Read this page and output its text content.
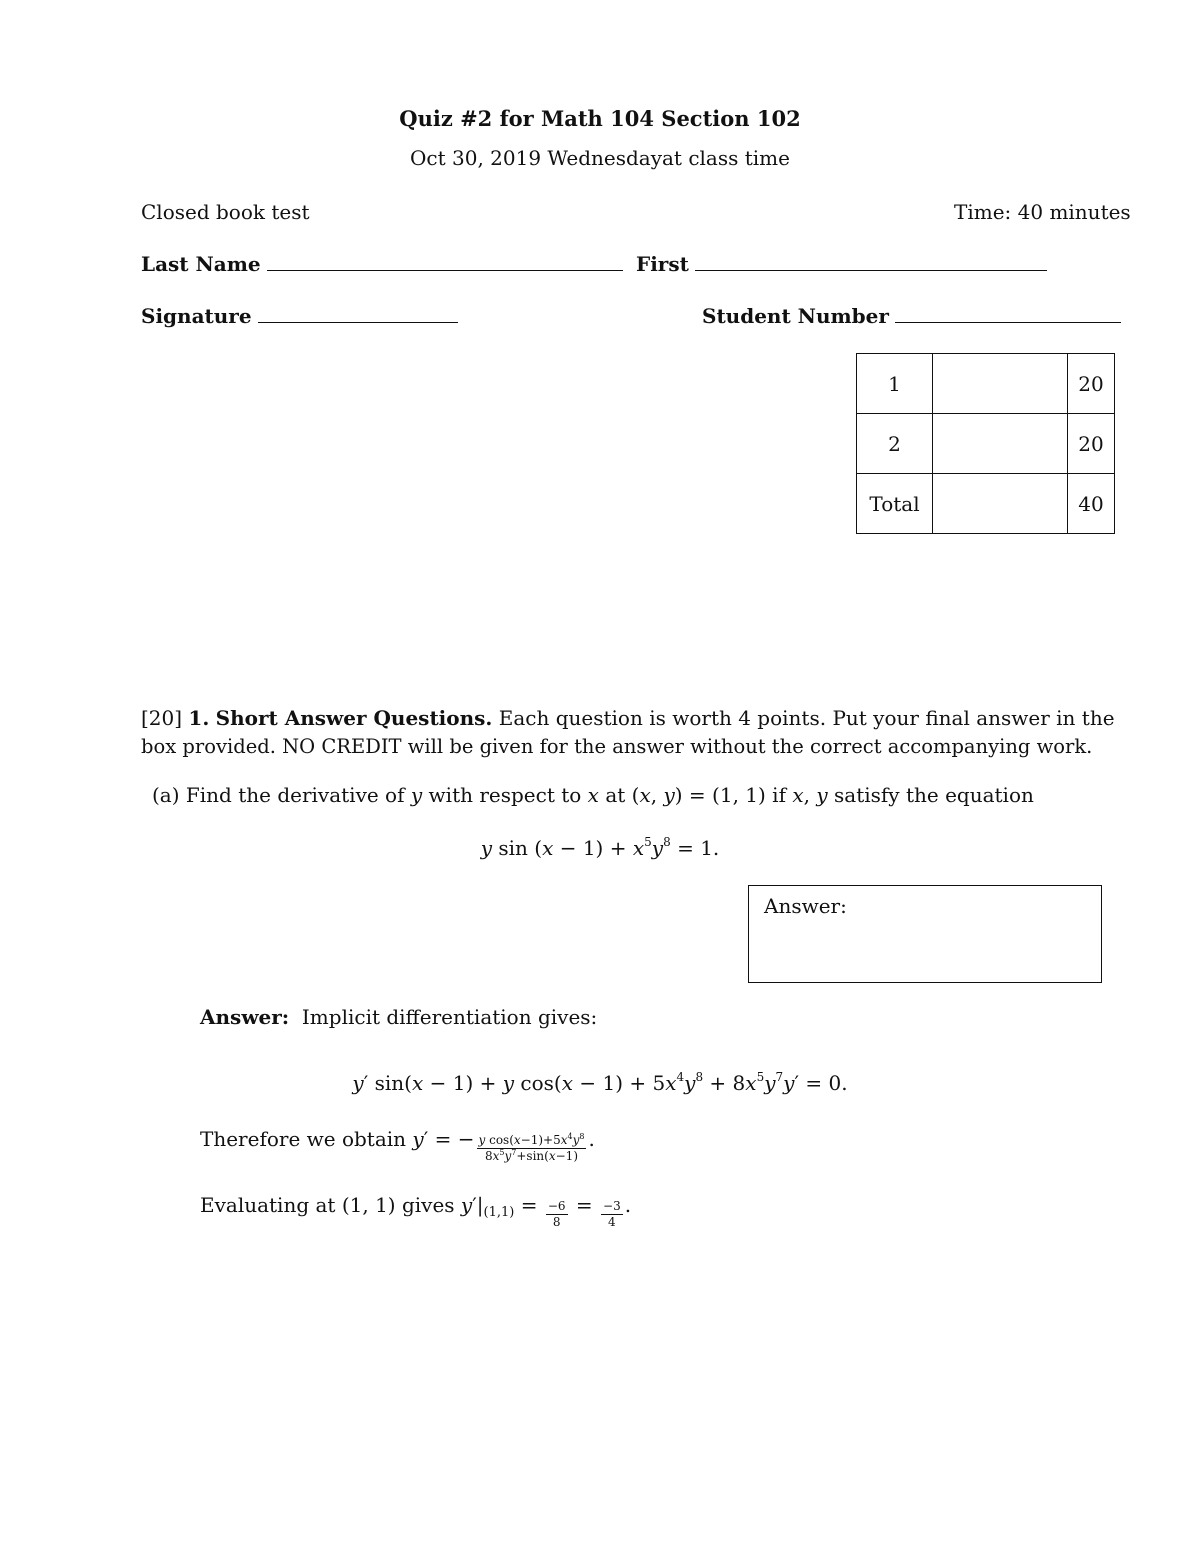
Quiz #2 for Math 104 Section 102
Oct 30, 2019 Wednesdayat class time
Closed book test	Time: 40 minutes
Last Name	First
Signature	Student Number
1		20
2		20
Total		40
[20] 1. Short Answer Questions. Each question is worth 4 points. Put your final answer in the
box provided. NO CREDIT will be given for the answer without the correct accompanying work.
(a) Find the derivative of y with respect to x at (x, y) = (1, 1) if x, y satisfy the equation
y $\sin (x - 1) + x^5y^8 = 1$.
Answer:
Answer: Implicit differentiation gives:
y′ sin(x − 1) + y $\cos(x - 1) + 5x^4y^8 + 8x^5y^7y' = 0$.
Therefore we obtain y′ = − $\frac{y \cos(x-1)+5x^4y^8}{8x^5y^7+\sin(x-1)}$ .
Evaluating at (1, 1) gives $y'|_{(1,1)} = \frac{-6}{8} = \frac{-3}{4}$ .
